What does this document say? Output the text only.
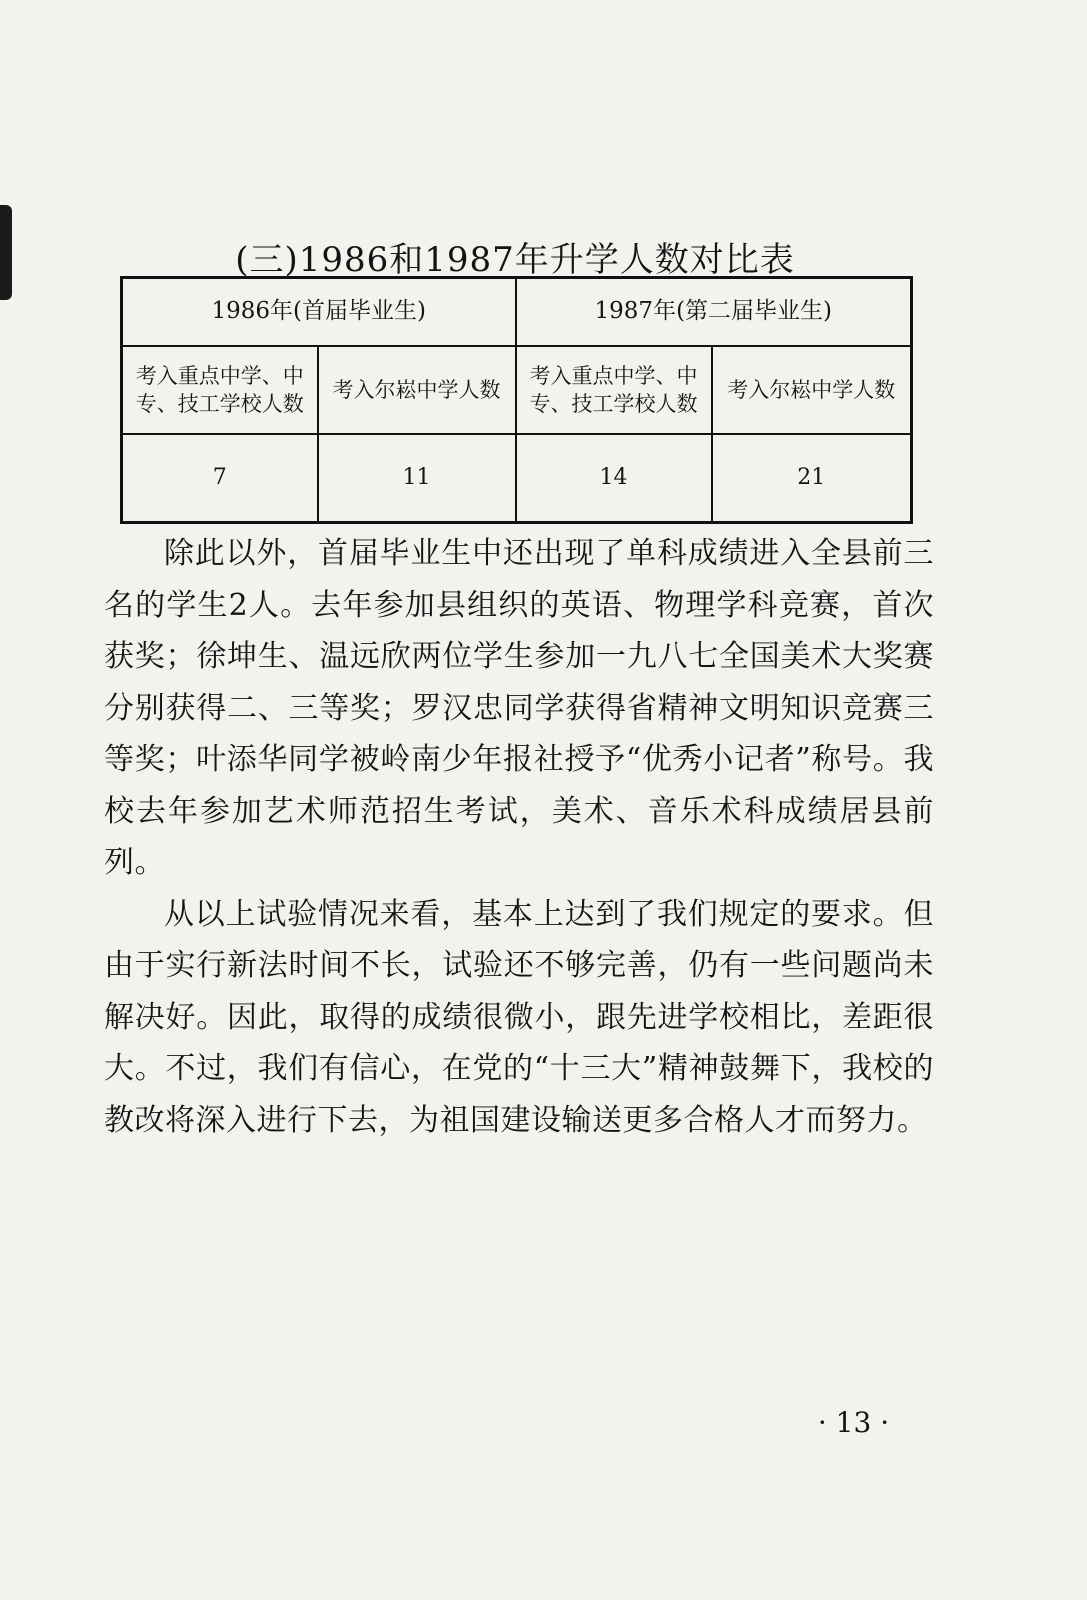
(三)1986和1987年升学人数对比表
1986年(首届毕业生)		1987年(第二届毕业生)	
考入重点中学、中专、技工学校人数	考入尔崧中学人数	考入重点中学、中专、技工学校人数	考入尔崧中学人数
7	11	14	21

除此以外，首届毕业生中还出现了单科成绩进入全县前三名的学生2人。去年参加县组织的英语、物理学科竞赛，首次获奖；徐坤生、温远欣两位学生参加一九八七全国美术大奖赛分别获得二、三等奖；罗汉忠同学获得省精神文明知识竞赛三等奖；叶添华同学被岭南少年报社授予“优秀小记者”称号。我校去年参加艺术师范招生考试，美术、音乐术科成绩居县前列。

从以上试验情况来看，基本上达到了我们规定的要求。但由于实行新法时间不长，试验还不够完善，仍有一些问题尚未解决好。因此，取得的成绩很微小，跟先进学校相比，差距很大。不过，我们有信心，在党的“十三大”精神鼓舞下，我校的教改将深入进行下去，为祖国建设输送更多合格人才而努力。

· 13 ·
